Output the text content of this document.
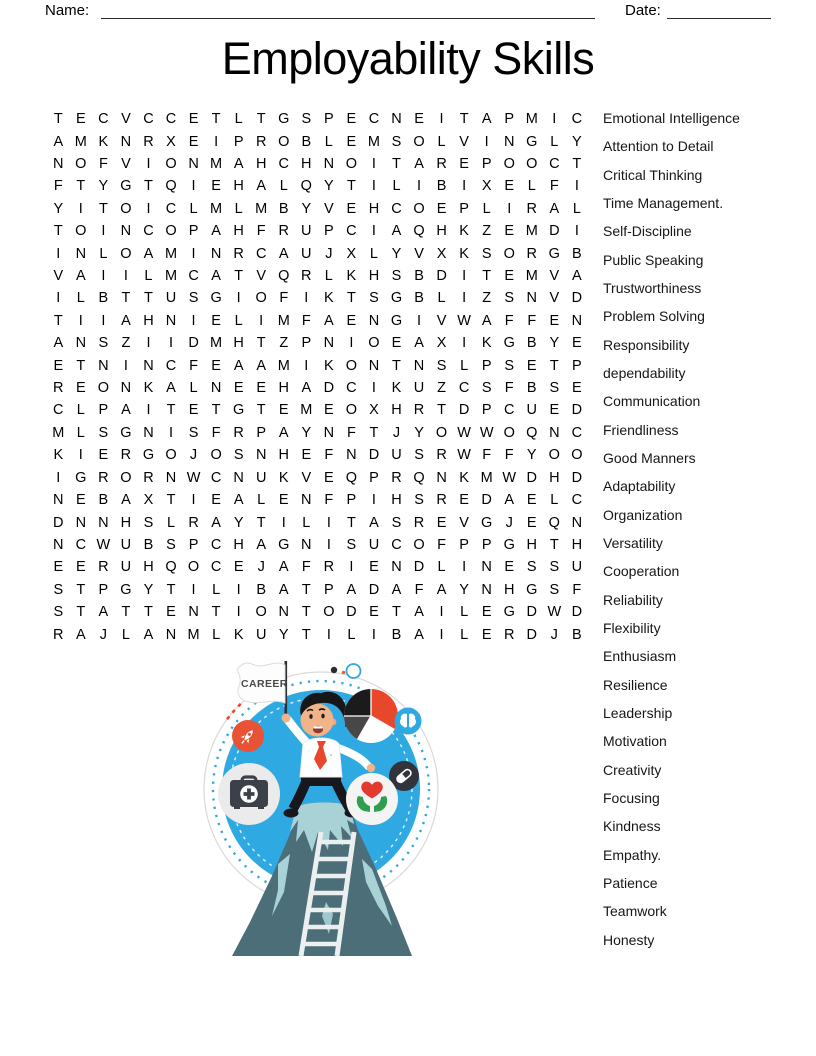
Name:	Date:
Employability Skills
T E C V C C E T L T G S P E C N E	I	T A P M I	C
A M K N R X E	I	P R O B L E M S O L V	I	N G L Y
N O F V	I	O N M A H C H N O	I	T A R E P O O C T
F T Y G T Q	I	E H A L Q Y T	I	L	I	B	I	X E L F	I
Y	I	T O	I	C L M L M B Y V E H C O E P L	I	R A L
T O	I	N C O P A H F R U P C	I	A Q H K Z E M D	I
I	N L O A M I	N R C A U J X L Y V X K S O R G B
V A	I	I	L M C A T V Q R L K H S B D	I	T E M V A
I	L B T T U S G	I	O F	I	K T S G B L	I	Z S N V D
T	I	I	A H N	I	E L	I M F A E N G	I	V W A F F E N
A N S Z	I	I	D M H T Z P N	I	O E A X	I	K G B Y E
E T N	I	N C F E A A M I	K O N T N S L P S E T P
R E O N K A L N E E H A D C	I	K U Z C S F B S E
C L P A	I	T E T G T E M E O X H R T D P C U E D
M L S G N	I	S F R P A Y N F T J Y O W W O Q N C
K	I	E R G O J O S N H E F N D U S R W F F Y O O
I	G R O R N W C N U K V E Q P R Q N K M W D H D
N E B A X T	I	E A L E N F P	I	H S R E D A E L C
D N N H S L R A Y T	I	L	I	T A S R E V G J E Q N
N C W U B S P C H A G N	I	S U C O F P P G H T H
E E R U H Q O C E J A F R	I	E N D L	I	N E S S U
S T P G Y T	I	L	I	B A T P A D A F A Y N H G S F
S T A T T E N T	I	O N T O D E T A	I	L E G D W D
R A J	L A N M L K U Y T	I	L	I	B A	I	L E R D J B
Emotional Intelligence
Attention to Detail
Critical Thinking
Time Management.
Self-Discipline
Public Speaking
Trustworthiness
Problem Solving
Responsibility
dependability
Communication
Friendliness
Good Manners
Adaptability
Organization
Versatility
Cooperation
Reliability
Flexibility
Enthusiasm
Resilience
Leadership
Motivation
Creativity
Focusing
Kindness
Empathy.
Patience
Teamwork
Honesty
CAREER
